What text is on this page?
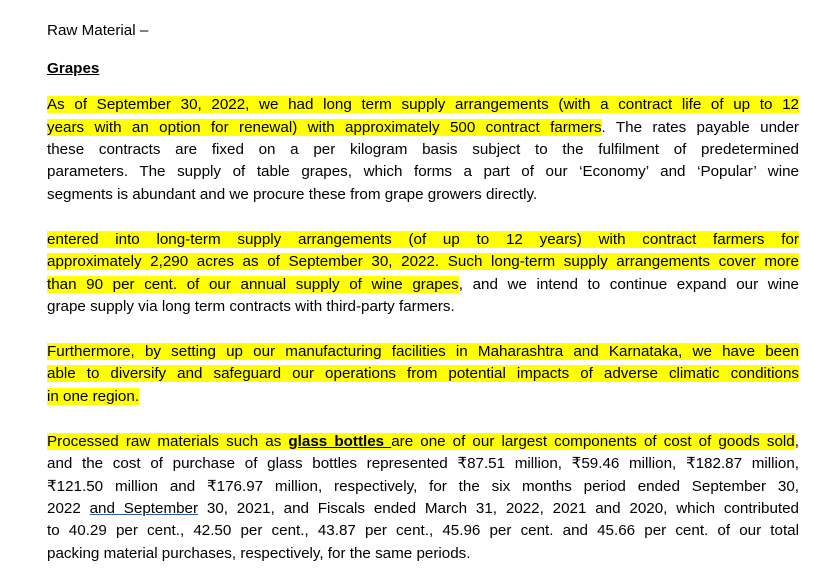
Raw Material –
Grapes
As of September 30, 2022, we had long term supply arrangements (with a contract life of up to 12
years with an option for renewal) with approximately 500 contract farmers. The rates payable under
these contracts are fixed on a per kilogram basis subject to the fulfilment of predetermined
parameters. The supply of table grapes, which forms a part of our ‘Economy’ and ‘Popular’ wine
segments is abundant and we procure these from grape growers directly.
entered into long-term supply arrangements (of up to 12 years) with contract farmers for
approximately 2,290 acres as of September 30, 2022. Such long-term supply arrangements cover more
than 90 per cent. of our annual supply of wine grapes, and we intend to continue expand our wine
grape supply via long term contracts with third-party farmers.
Furthermore, by setting up our manufacturing facilities in Maharashtra and Karnataka, we have been
able to diversify and safeguard our operations from potential impacts of adverse climatic conditions
in one region.
Processed raw materials such as glass bottles are one of our largest components of cost of goods sold,
and the cost of purchase of glass bottles represented ₹87.51 million, ₹59.46 million, ₹182.87 million,
₹121.50 million and ₹176.97 million, respectively, for the six months period ended September 30,
2022 and September 30, 2021, and Fiscals ended March 31, 2022, 2021 and 2020, which contributed
to 40.29 per cent., 42.50 per cent., 43.87 per cent., 45.96 per cent. and 45.66 per cent. of our total
packing material purchases, respectively, for the same periods.
